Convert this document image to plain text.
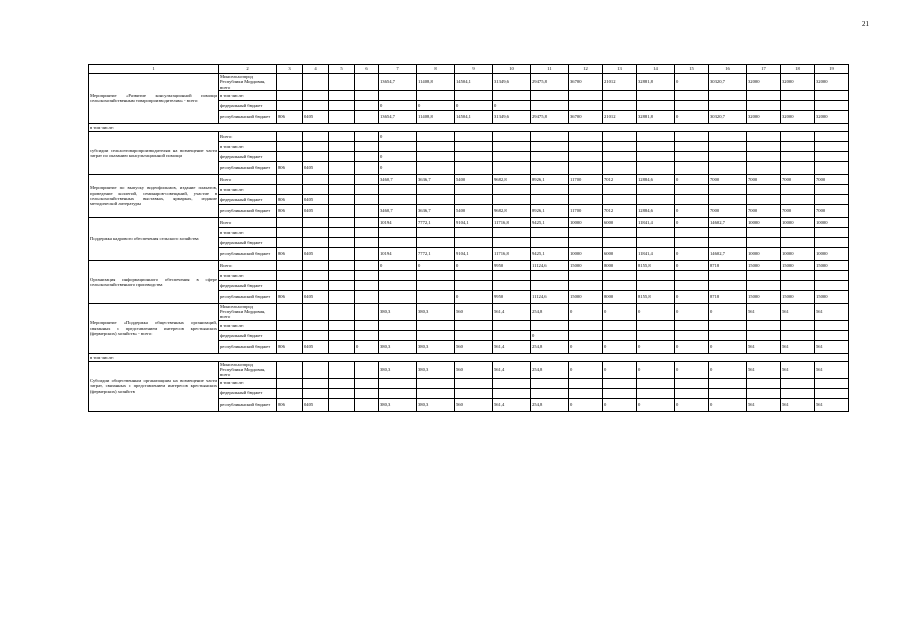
21
1	2	3	4	5	6	7	8	9	10	11	12	13	14	15	16	17	18	19
Мероприятие «Развитие консультационной помощи сельскохозяйственным товаропроизводителям» - всего:	Минсельхозпрод Республики Мордовия, всего					13654,7	11408,8	14504,1	31349,6	29475,8	36700	21012	32881,8	0	30320,7	32000	32000	32000
	в том числе:																	
	федеральный бюджет					0	0	0	0									
	республиканский бюджет	806	0405			13654,7	11408,8	14504,1	31349,6	29475,8	36700	21012	32881,8	0	30320,7	32000	32000	32000
в том числе:																		
субсидии сельхозтоваропроизводителям на возмещение части затрат по оказанию консультационной помощи	Всего:					0												
	в том числе:																	
	федеральный бюджет					0												
	республиканский бюджет	806	0405			0												
Мероприятие по выпуску видеофильмов, издание плакатов, проведение коллегий, семинаров-совещаний, участие в сельскохозяйственных выставках, ярмарках, издание методической литературы	Всего					3460,7	3636,7	5400	9682,8	8926,1	11700	7012	12884,6	0	7000	7000	7000	7000
	в том числе:																	
	федеральный бюджет	806	0405															
	республиканский бюджет	806	0405			3460,7	3636,7	5400	9682,8	8926,1	11700	7012	12884,6	0	7000	7000	7000	7000
Поддержка кадрового обеспечения сельского хозяйства	Всего					10194	7772,1	9104,1	11716,8	9425,1	10000	6000	11841,4	0	14602,7	10000	10000	10000
	в том числе:																	
	федеральный бюджет																	
	республиканский бюджет	806	0405			10194	7772,1	9104,1	11716,8	9425,1	10000	6000	11841,4	0	14602,7	10000	10000	10000
Организация информационного обеспечения в сфере сельскохозяйственного производства	Всего:					0	0	0	9950	11124,6	15000	8000	8155,8	0	8718	15000	15000	15000
	в том числе:																	
	федеральный бюджет																	
	республиканский бюджет	806	0405					0	9950	11124,6	15000	8000	8155,8	0	8718	15000	15000	15000
Мероприятие «Поддержка общественных организаций, связанных с представлением интересов крестьянских (фермерских) хозяйств» - всего:	Минсельхозпрод Республики Мордовия, всего					380,3	380,3	560	561,4	254,8	0	0	0	0	0	561	561	561
	в том числе:																	
	федеральный бюджет									0								
	республиканский бюджет	806	0405		0	380,3	380,3	560	561,4	254,8	0	0	0	0	0	561	561	561
в том числе:																		
Субсидии общественным организациям на возмещение части затрат, связанных с представлением интересов крестьянских (фермерских) хозяйств	Минсельхозпрод Республики Мордовия, всего					380,3	380,3	560	561,4	254,8	0	0	0	0	0	561	561	561
	в том числе:																	
	федеральный бюджет																	
	республиканский бюджет	806	0405			380,3	380,3	560	561,4	254,8	0	0	0	0	0	561	561	561
